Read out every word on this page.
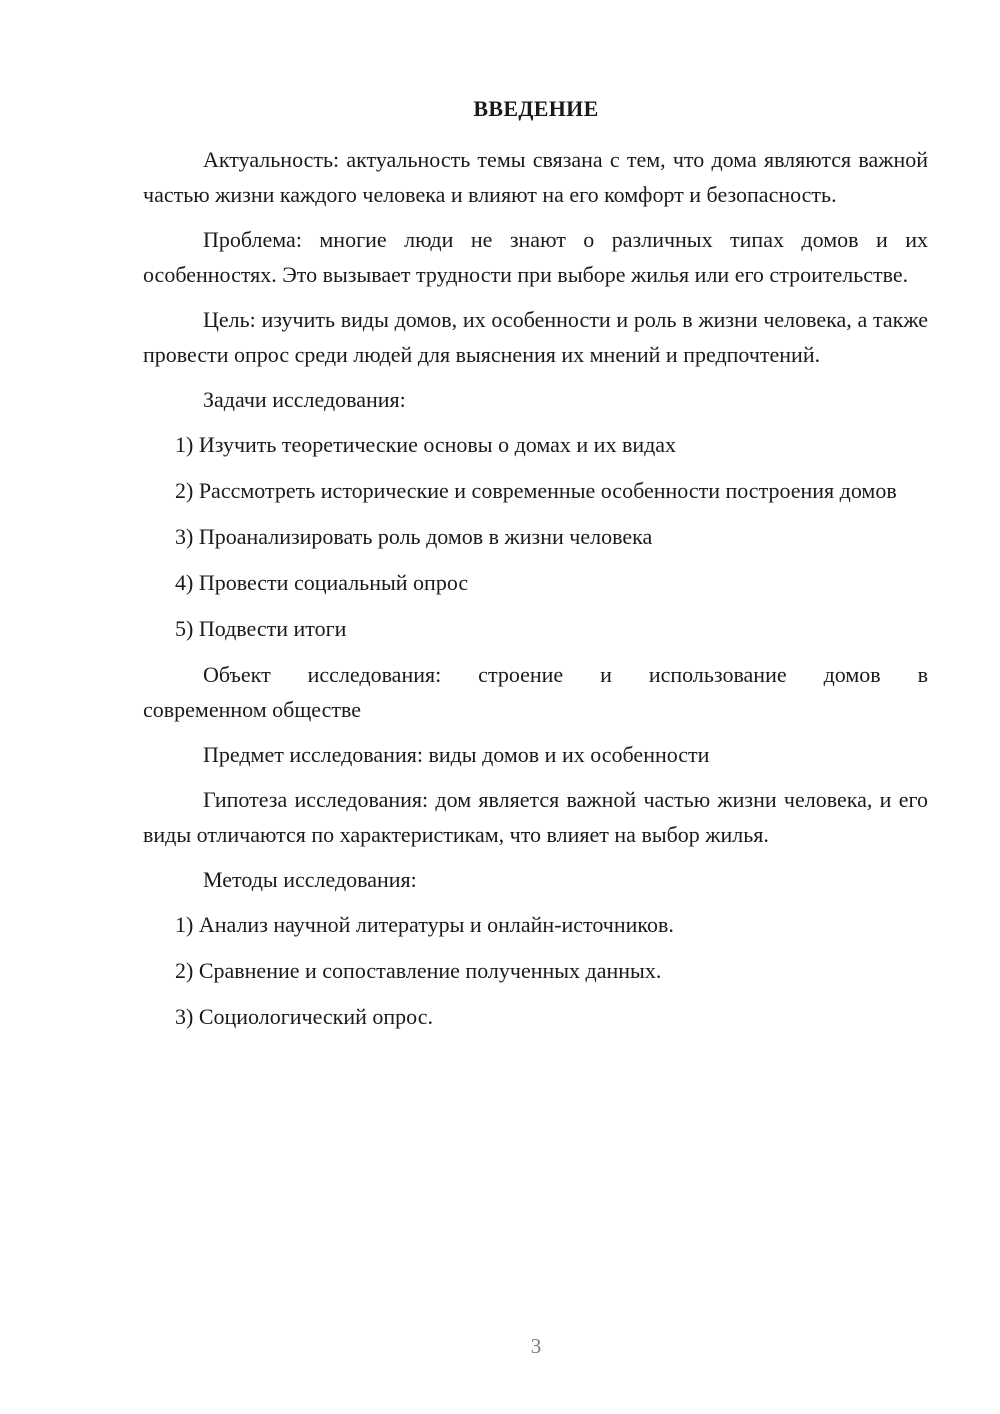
ВВЕДЕНИЕ

Актуальность: актуальность темы связана с тем, что дома являются важной частью жизни каждого человека и влияют на его комфорт и безопасность.

Проблема: многие люди не знают о различных типах домов и их особенностях. Это вызывает трудности при выборе жилья или его строительстве.

Цель: изучить виды домов, их особенности и роль в жизни человека, а также провести опрос среди людей для выяснения их мнений и предпочтений.

Задачи исследования:

1) Изучить теоретические основы о домах и их видах

2) Рассмотреть исторические и современные особенности построения домов

3) Проанализировать роль домов в жизни человека

4) Провести социальный опрос

5) Подвести итоги

Объект исследования: строение и использование домов в
современном обществе

Предмет исследования: виды домов и их особенности

Гипотеза исследования: дом является важной частью жизни человека, и его виды отличаются по характеристикам, что влияет на выбор жилья.

Методы исследования:

1) Анализ научной литературы и онлайн-источников.

2) Сравнение и сопоставление полученных данных.

3) Социологический опрос.

3
